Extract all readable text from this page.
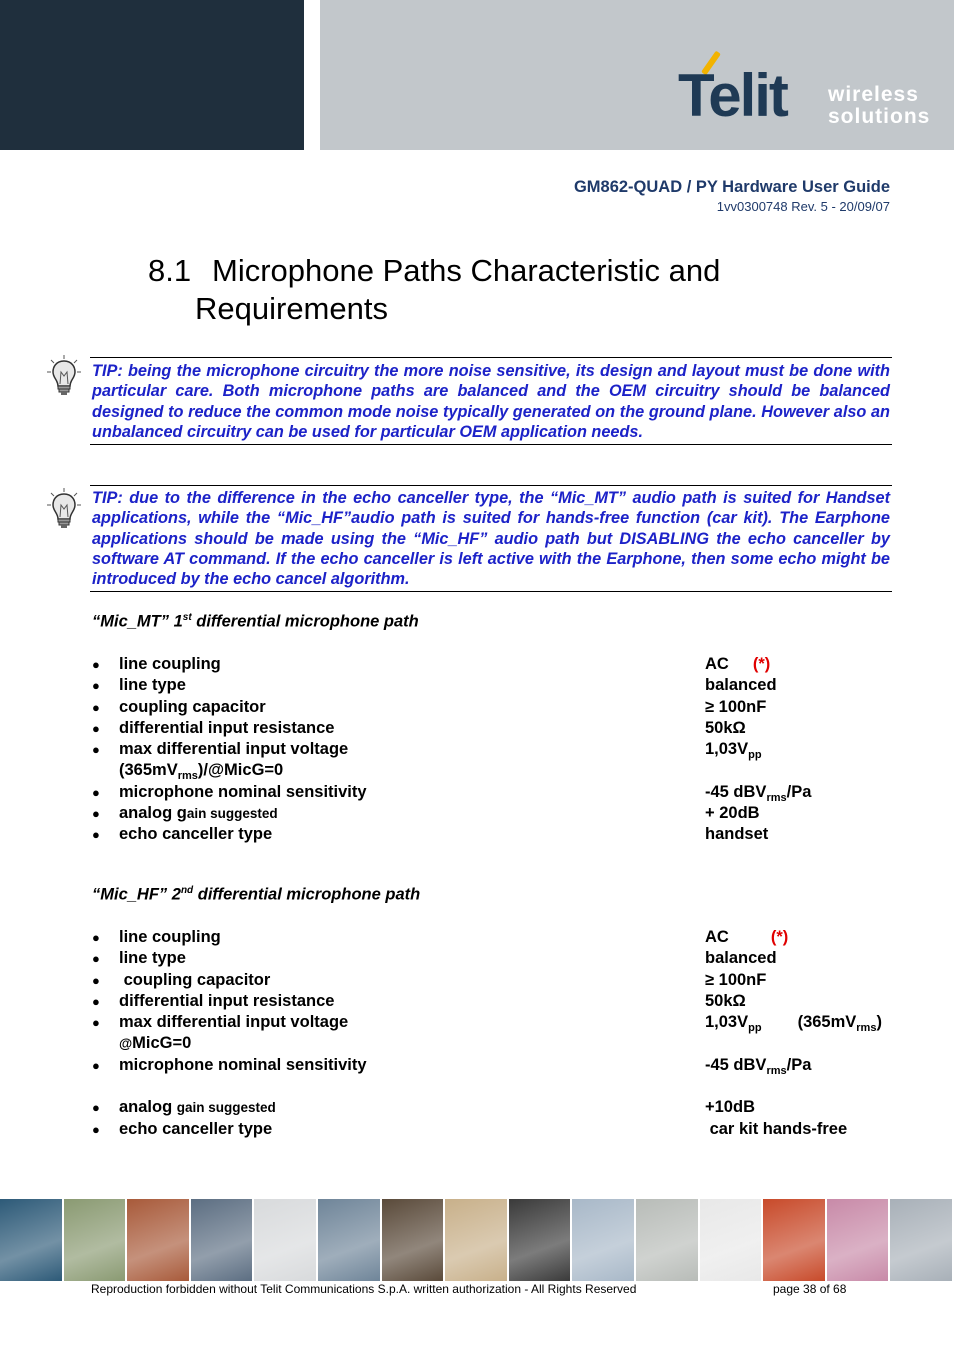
Telit wireless
solutions
GM862-QUAD / PY Hardware User Guide
1vv0300748 Rev. 5 - 20/09/07
8.1 Microphone Paths Characteristic and
Requirements

TIP: being the microphone circuitry the more noise sensitive, its design and layout must be done with particular care. Both microphone paths are balanced and the OEM circuitry should be balanced designed to reduce the common mode noise typically generated on the ground plane. However also an unbalanced circuitry can be used for particular OEM application needs.

TIP: due to the difference in the echo canceller type, the “Mic_MT” audio path is suited for Handset applications, while the “Mic_HF”audio path is suited for hands-free function (car kit). The Earphone applications should be made using the “Mic_HF” audio path but DISABLING the echo canceller by software AT command. If the echo canceller is left active with the Earphone, then some echo might be introduced by the echo cancel algorithm.

“Mic_MT” 1st differential microphone path
● line coupling	AC (*)
● line type	balanced
● coupling capacitor	≥ 100nF
● differential input resistance	50kΩ
● max differential input voltage	$1,03V_{pp}$
$(365mV_{rms})/@MicG=0$
● microphone nominal sensitivity	-45 dBV$_{rms}$/Pa
● analog gain suggested	+ 20dB
● echo canceller type	handset
“Mic_HF” 2nd differential microphone path
● line coupling	AC	(*)
● line type	balanced
● coupling capacitor	≥ 100nF
● differential input resistance	50kΩ
● max differential input voltage	$1,03V_{pp}$ $(365mV_{rms})$
@MicG=0
● microphone nominal sensitivity	-45 dBV$_{rms}$/Pa
● analog gain suggested	+10dB
● echo canceller type	car kit hands-free
Reproduction forbidden without Telit Communications S.p.A. written authorization - All Rights Reserved	page 38 of 68
